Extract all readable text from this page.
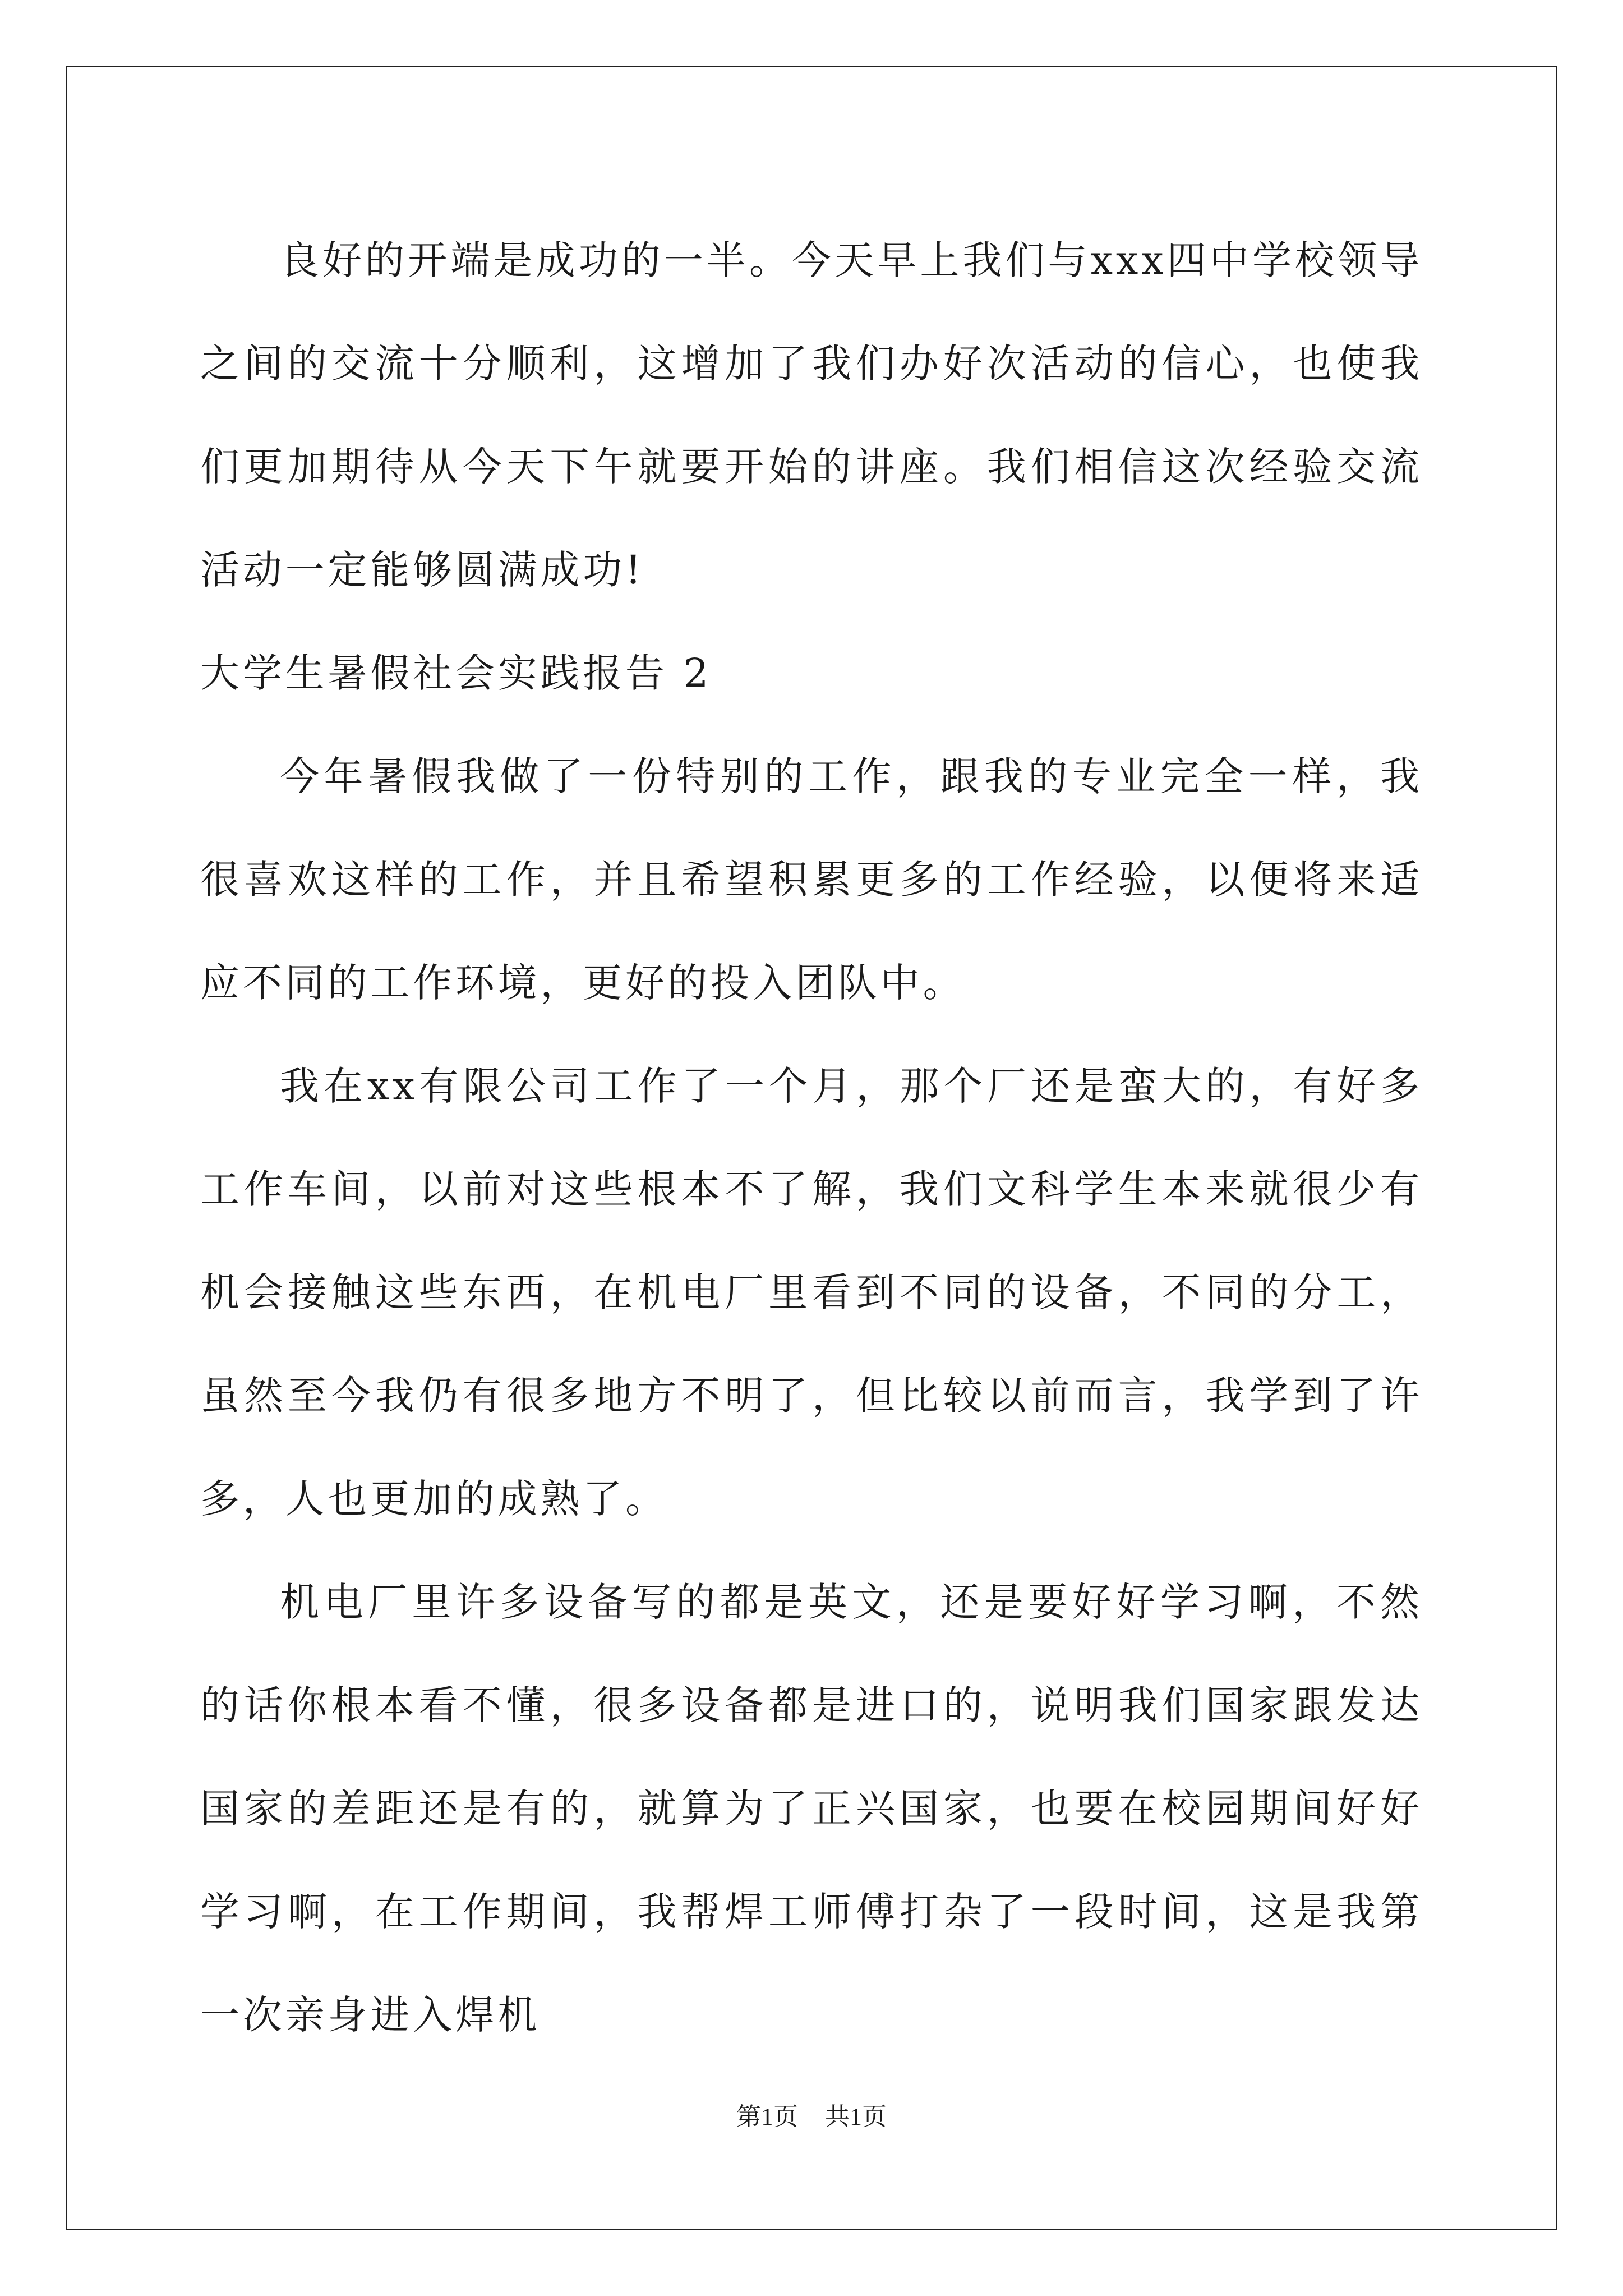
良好的开端是成功的一半。今天早上我们与xxx四中学校领导之间的交流十分顺利，这增加了我们办好次活动的信心，也使我们更加期待从今天下午就要开始的讲座。我们相信这次经验交流活动一定能够圆满成功!

大学生暑假社会实践报告 2

今年暑假我做了一份特别的工作，跟我的专业完全一样，我很喜欢这样的工作，并且希望积累更多的工作经验，以便将来适应不同的工作环境，更好的投入团队中。

我在xx有限公司工作了一个月，那个厂还是蛮大的，有好多工作车间，以前对这些根本不了解，我们文科学生本来就很少有机会接触这些东西，在机电厂里看到不同的设备，不同的分工，虽然至今我仍有很多地方不明了，但比较以前而言，我学到了许多，人也更加的成熟了。

机电厂里许多设备写的都是英文，还是要好好学习啊，不然的话你根本看不懂，很多设备都是进口的，说明我们国家跟发达国家的差距还是有的，就算为了正兴国家，也要在校园期间好好学习啊，在工作期间，我帮焊工师傅打杂了一段时间，这是我第一次亲身进入焊机

第1页 共1页
